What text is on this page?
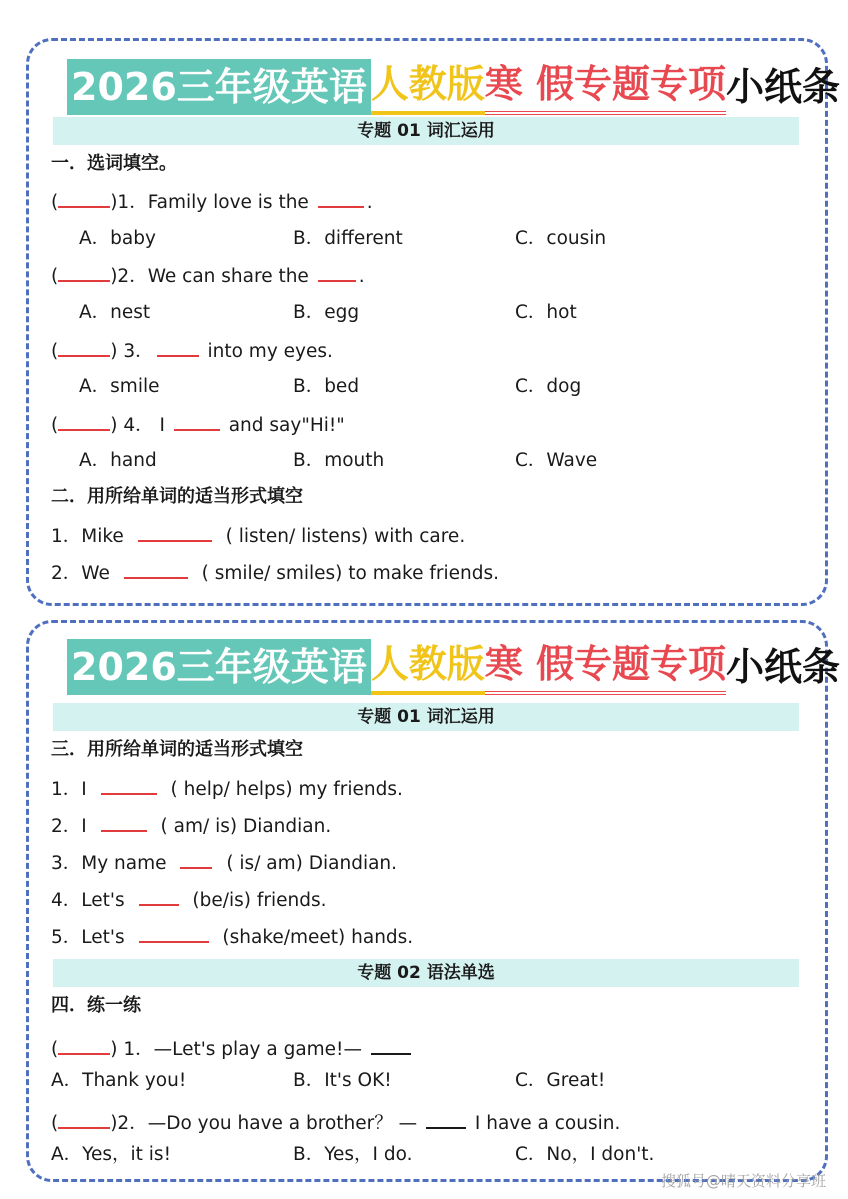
2026三年级英语 人教版寒 假专题专项小纸条
专题 01 词汇运用
一．选词填空。
(	)1．Family love is the	.
A．baby	B．different	C．cousin
(	)2．We can share the	.
A．nest	B．egg	C．hot
(	) 3．	into my eyes.
A．smile	B．bed	C．dog
(	) 4． I	and say"Hi!"
A．hand	B．mouth	C．Wave
二．用所给单词的适当形式填空
1．Mike	( listen/ listens) with care.
2．We	( smile/ smiles) to make friends.
2026三年级英语 人教版寒 假专题专项小纸条
专题 01 词汇运用
三．用所给单词的适当形式填空
1．I	( help/ helps) my friends.
2．I	( am/ is) Diandian.
3．My name	( is/ am) Diandian.
4．Let's	(be/is) friends.
5．Let's	(shake/meet) hands.
专题 02 语法单选
四．练一练
(	) 1．—Let's play a game!—
A．Thank you!	B．It's OK!	C．Great!
(	)2．—Do you have a brother？ —	I have a cousin.
A．Yes，it is!	B．Yes，I do.	C．No，I don't.
搜狐号@晴天资料分享班
